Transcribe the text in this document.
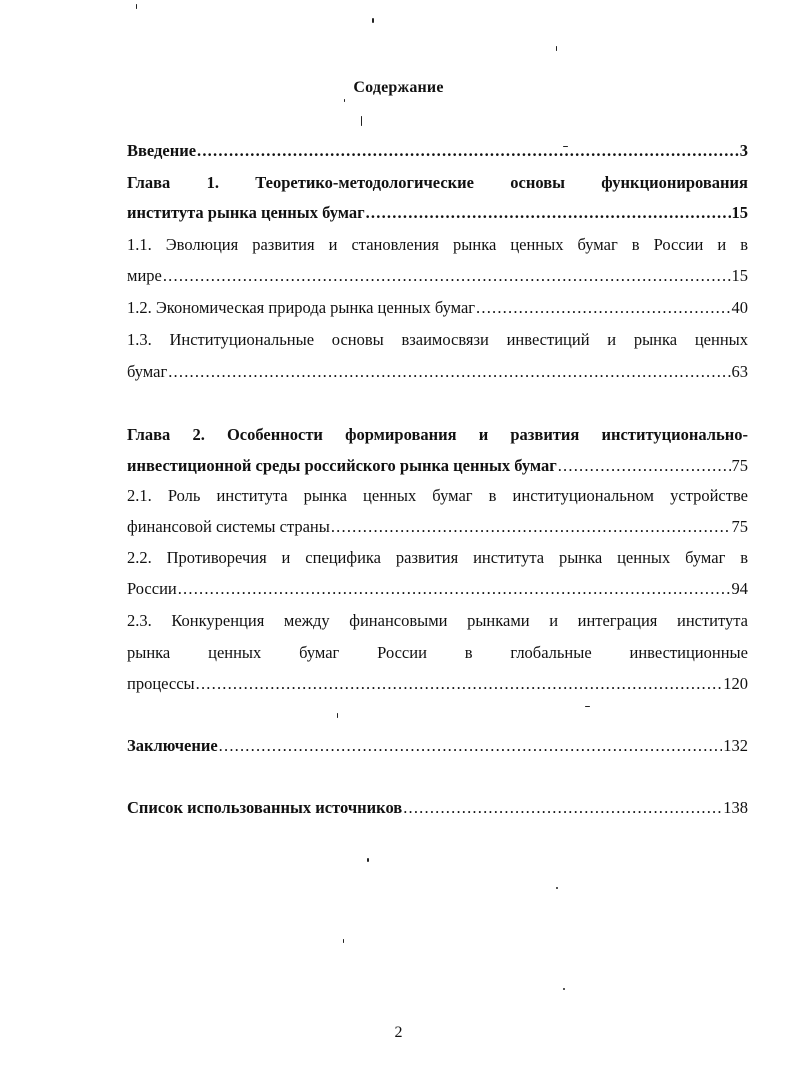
Содержание
Введение .....	3
Глава 1. Теоретико-методологические основы функционирования
института рынка ценных бумаг .....	15
1.1. Эволюция развития и становления рынка ценных бумаг в России и в
мире .....	15
1.2. Экономическая природа рынка ценных бумаг .....	40
1.3. Институциональные основы взаимосвязи инвестиций и рынка ценных
бумаг .....	63
Глава 2. Особенности формирования и развития институционально-
инвестиционной среды российского рынка ценных бумаг .....	75
2.1. Роль института рынка ценных бумаг в институциональном устройстве
финансовой системы страны .....	75
2.2. Противоречия и специфика развития института рынка ценных бумаг в
России .....	94
2.3. Конкуренция между финансовыми рынками и интеграция института
рынка ценных бумаг России в глобальные инвестиционные
процессы .....	120
Заключение .....	132
Список использованных источников .....	138
2
